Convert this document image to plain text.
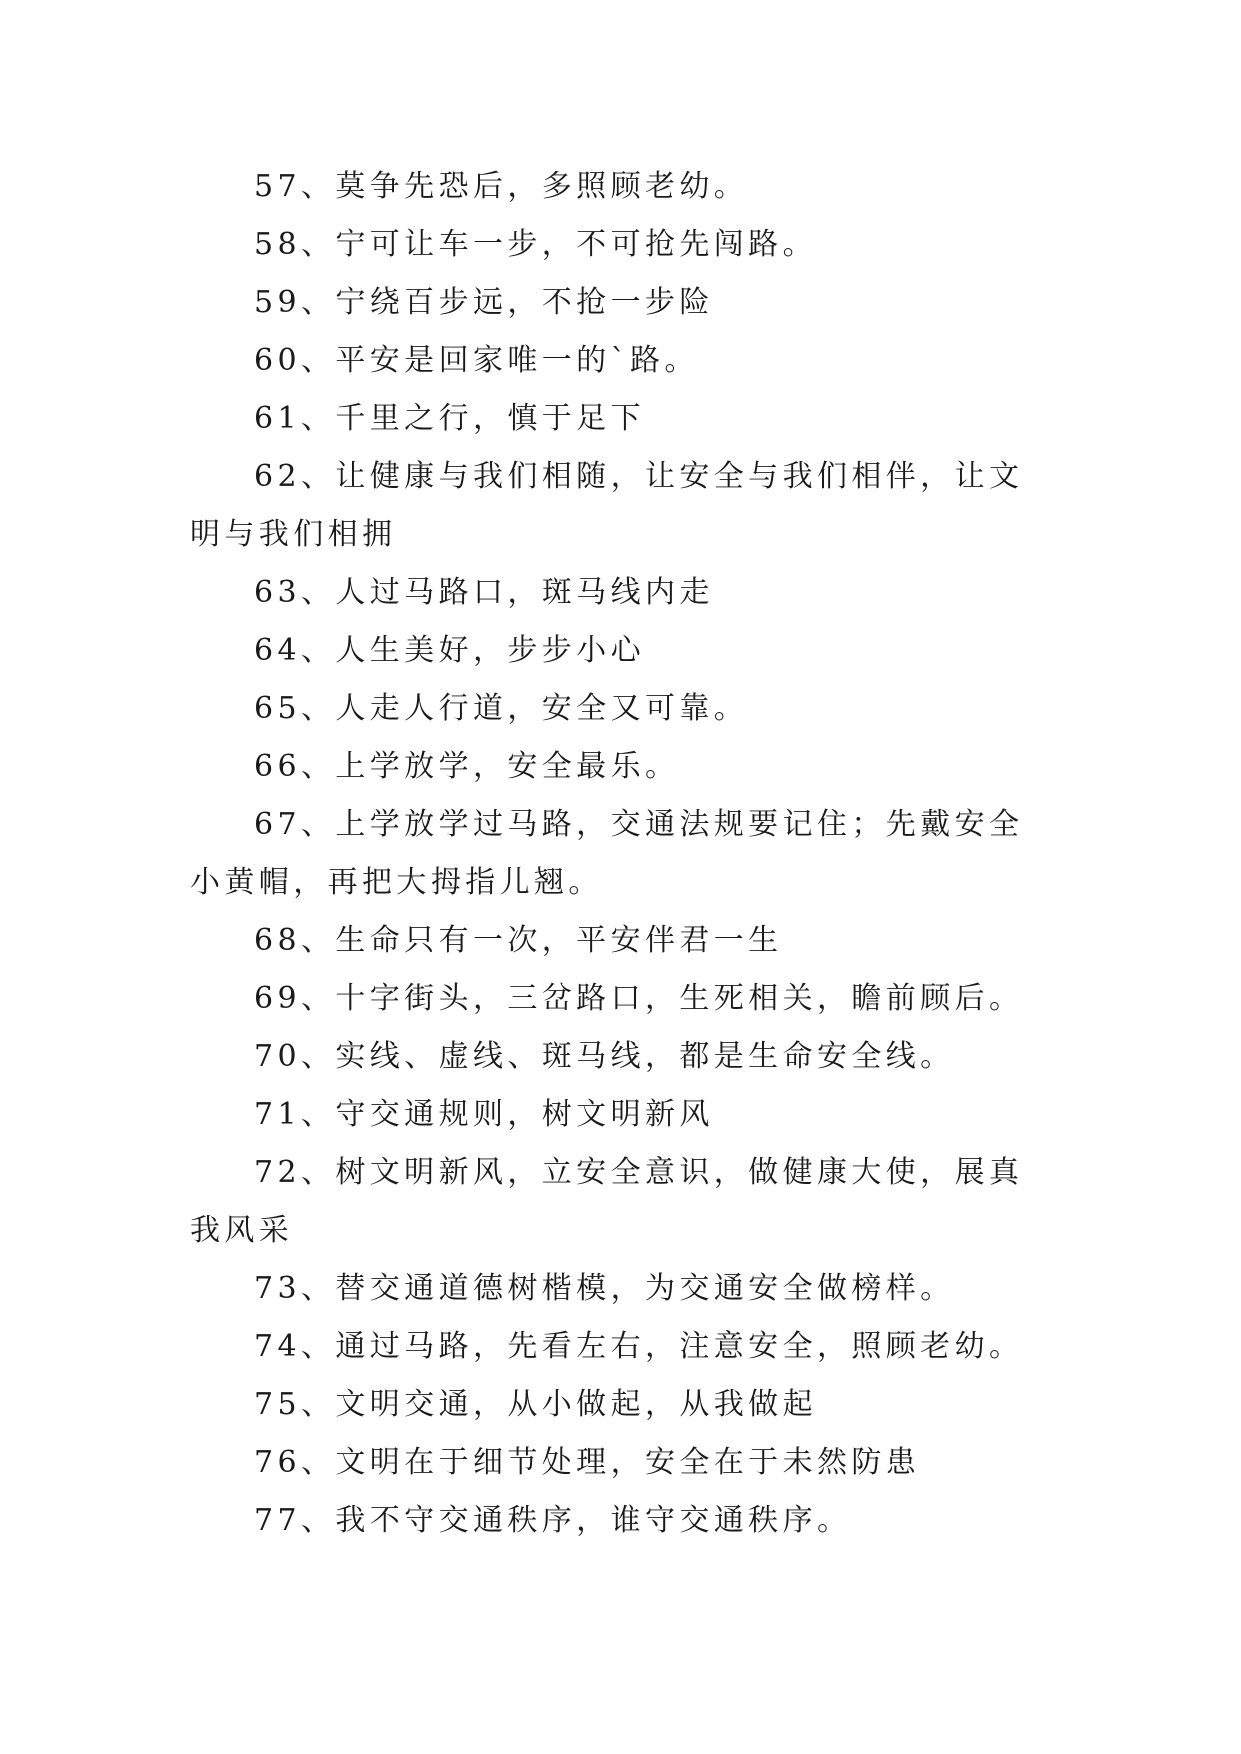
57、莫争先恐后，多照顾老幼。

58、宁可让车一步，不可抢先闯路。

59、宁绕百步远，不抢一步险

60、平安是回家唯一的`路。

61、千里之行，慎于足下

62、让健康与我们相随，让安全与我们相伴，让文明与我们相拥

63、人过马路口，斑马线内走

64、人生美好，步步小心

65、人走人行道，安全又可靠。

66、上学放学，安全最乐。

67、上学放学过马路，交通法规要记住；先戴安全小黄帽，再把大拇指儿翘。

68、生命只有一次，平安伴君一生

69、十字街头，三岔路口，生死相关，瞻前顾后。

70、实线、虚线、斑马线，都是生命安全线。

71、守交通规则，树文明新风

72、树文明新风，立安全意识，做健康大使，展真我风采

73、替交通道德树楷模，为交通安全做榜样。

74、通过马路，先看左右，注意安全，照顾老幼。

75、文明交通，从小做起，从我做起

76、文明在于细节处理，安全在于未然防患

77、我不守交通秩序，谁守交通秩序。
